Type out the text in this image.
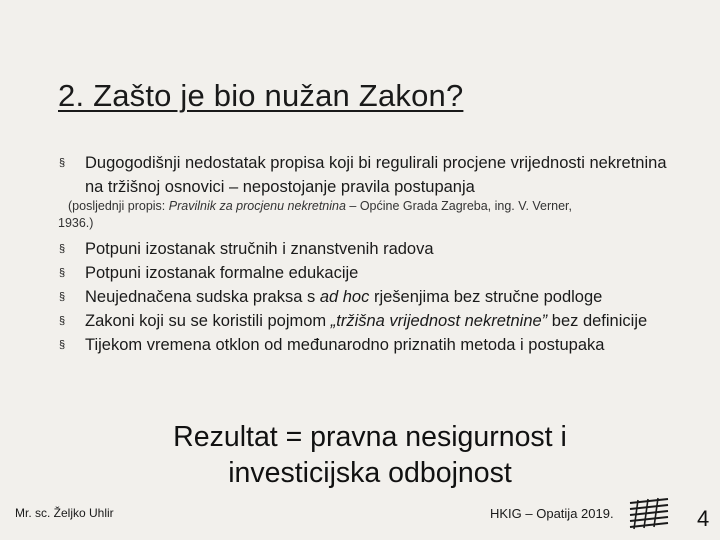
2. Zašto je bio nužan Zakon?
§	Dugogodišnji nedostatak propisa koji bi regulirali procjene vrijednosti nekretnina na tržišnoj osnovici – nepostojanje pravila postupanja
(posljednji propis: Pravilnik za procjenu nekretnina – Općine Grada Zagreba, ing. V. Verner,
1936.)
§	Potpuni izostanak stručnih i znanstvenih radova
§	Potpuni izostanak formalne edukacije
§	Neujednačena sudska praksa s ad hoc rješenjima bez stručne podloge
§	Zakoni koji su se koristili pojmom „tržišna vrijednost nekretnine” bez definicije
§	Tijekom vremena otklon od međunarodno priznatih metoda i postupaka
Rezultat = pravna nesigurnost i
investicijska odbojnost
Mr. sc. Željko Uhlir	HKIG – Opatija 2019.	4
